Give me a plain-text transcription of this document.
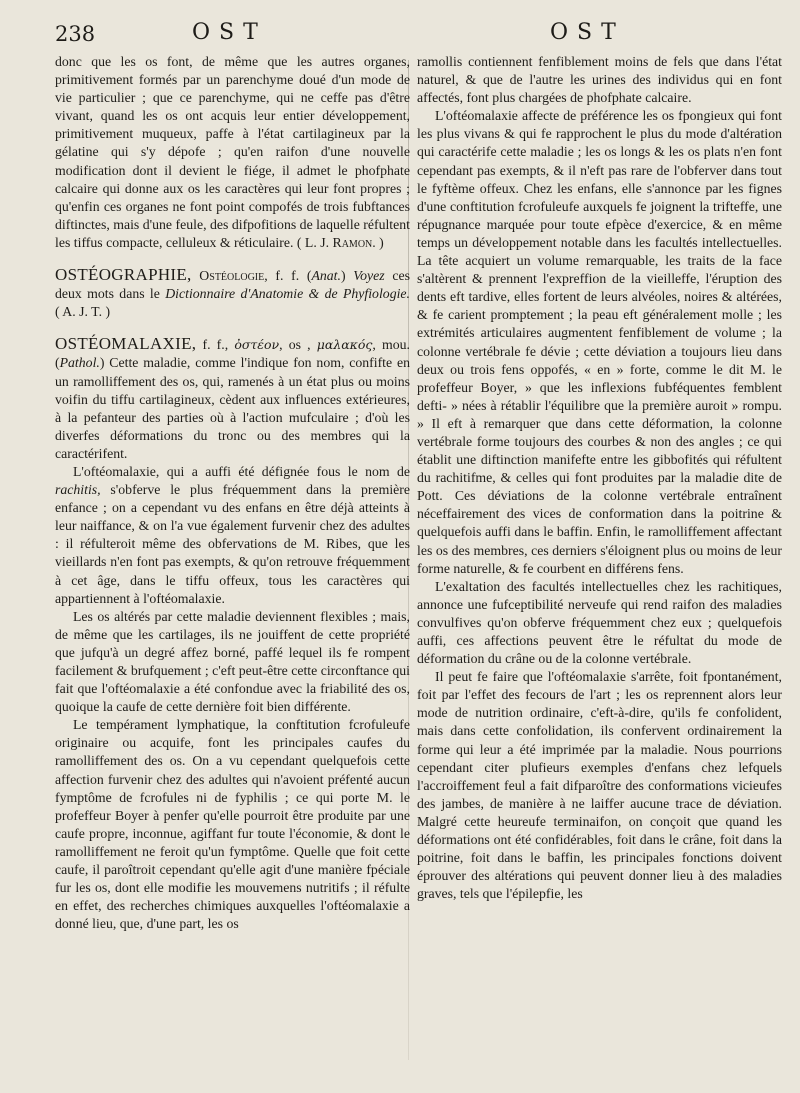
238	OST	OST

donc que les os font, de même que les autres organes, primitivement formés par un parenchyme doué d'un mode de vie particulier ; que ce parenchyme, qui ne ceffe pas d'être vivant, quand les os ont acquis leur entier développement, primitivement muqueux, paffe à l'état cartilagineux par la gélatine qui s'y dépofe ; qu'en raifon d'une nouvelle modification dont il devient le fiége, il admet le phofphate calcaire qui donne aux os les caractères qui leur font propres ; qu'enfin ces organes ne font point compofés de trois fubftances diftinctes, mais d'une feule, des difpofitions de laquelle réfultent les tiffus compacte, celluleux & réticulaire. ( L. J. Ramon. )

OSTÉOGRAPHIE, Ostéologie, f. f. (Anat.) Voyez ces deux mots dans le Dictionnaire d'Anatomie & de Phyfiologie. ( A. J. T. )

OSTÉOMALAXIE, f. f., ὀστέον, os , μαλακός, mou. (Pathol.) Cette maladie, comme l'indique fon nom, confifte en un ramolliffement des os, qui, ramenés à un état plus ou moins voifin du tiffu cartilagineux, cèdent aux influences extérieures, à la pefanteur des parties où à l'action mufculaire ; d'où les diverfes déformations du tronc ou des membres qui la caractérifent.

L'oftéomalaxie, qui a auffi été défignée fous le nom de rachitis, s'obferve le plus fréquemment dans la première enfance ; on a cependant vu des enfans en être déjà atteints à leur naiffance, & on l'a vue également furvenir chez des adultes : il réfulteroit même des obfervations de M. Ribes, que les vieillards n'en font pas exempts, & qu'on retrouve fréquemment à cet âge, dans le tiffu offeux, tous les caractères qui appartiennent à l'oftéomalaxie.

Les os altérés par cette maladie deviennent flexibles ; mais, de même que les cartilages, ils ne jouiffent de cette propriété que jufqu'à un degré affez borné, paffé lequel ils fe rompent facilement & brufquement ; c'eft peut-être cette circonftance qui fait que l'oftéomalaxie a été confondue avec la friabilité des os, quoique la caufe de cette dernière foit bien différente.

Le tempérament lymphatique, la conftitution fcrofuleufe originaire ou acquife, font les principales caufes du ramolliffement des os. On a vu cependant quelquefois cette affection furvenir chez des adultes qui n'avoient préfenté aucun fymptôme de fcrofules ni de fyphilis ; ce qui porte M. le profeffeur Boyer à penfer qu'elle pourroit être produite par une caufe propre, inconnue, agiffant fur toute l'économie, & dont le ramolliffement ne feroit qu'un fymptôme. Quelle que foit cette caufe, il paroîtroit cependant qu'elle agit d'une manière fpéciale fur les os, dont elle modifie les mouvemens nutritifs ; il réfulte en effet, des recherches chimiques auxquelles l'oftéomalaxie a donné lieu, que, d'une part, les os

ramollis contiennent fenfiblement moins de fels que dans l'état naturel, & que de l'autre les urines des individus qui en font affectés, font plus chargées de phofphate calcaire.

L'oftéomalaxie affecte de préférence les os fpongieux qui font les plus vivans & qui fe rapprochent le plus du mode d'altération qui caractérife cette maladie ; les os longs & les os plats n'en font cependant pas exempts, & il n'eft pas rare de l'obferver dans tout le fyftème offeux. Chez les enfans, elle s'annonce par les fignes d'une conftitution fcrofuleufe auxquels fe joignent la trifteffe, une répugnance marquée pour toute efpèce d'exercice, & en même temps un développement notable dans les facultés intellectuelles. La tête acquiert un volume remarquable, les traits de la face s'altèrent & prennent l'expreffion de la vieilleffe, l'éruption des dents eft tardive, elles fortent de leurs alvéoles, noires & altérées, & fe carient promptement ; la peau eft généralement molle ; les extrémités articulaires augmentent fenfiblement de volume ; la colonne vertébrale fe dévie ; cette déviation a toujours lieu dans deux ou trois fens oppofés, « en » forte, comme le dit M. le profeffeur Boyer, » que les inflexions fubféquentes femblent defti- » nées à rétablir l'équilibre que la première auroit » rompu. » Il eft à remarquer que dans cette déformation, la colonne vertébrale forme toujours des courbes & non des angles ; ce qui établit une diftinction manifefte entre les gibbofités qui réfultent du rachitifme, & celles qui font produites par la maladie dite de Pott. Ces déviations de la colonne vertébrale entraînent néceffairement des vices de conformation dans la poitrine & quelquefois auffi dans le baffin. Enfin, le ramolliffement affectant les os des membres, ces derniers s'éloignent plus ou moins de leur forme naturelle, & fe courbent en différens fens.

L'exaltation des facultés intellectuelles chez les rachitiques, annonce une fufceptibilité nerveufe qui rend raifon des maladies convulfives qu'on obferve fréquemment chez eux ; quelquefois auffi, ces affections peuvent être le réfultat du mode de déformation du crâne ou de la colonne vertébrale.

Il peut fe faire que l'oftéomalaxie s'arrête, foit fpontanément, foit par l'effet des fecours de l'art ; les os reprennent alors leur mode de nutrition ordinaire, c'eft-à-dire, qu'ils fe confolident, mais dans cette confolidation, ils confervent ordinairement la forme qui leur a été imprimée par la maladie. Nous pourrions cependant citer plufieurs exemples d'enfans chez lefquels l'accroiffement feul a fait difparoître des conformations vicieufes des jambes, de manière à ne laiffer aucune trace de déviation. Malgré cette heureufe terminaifon, on conçoit que quand les déformations ont été confidérables, foit dans le crâne, foit dans la poitrine, foit dans le baffin, les principales fonctions doivent éprouver des altérations qui peuvent donner lieu à des maladies graves, tels que l'épilepfie, les
